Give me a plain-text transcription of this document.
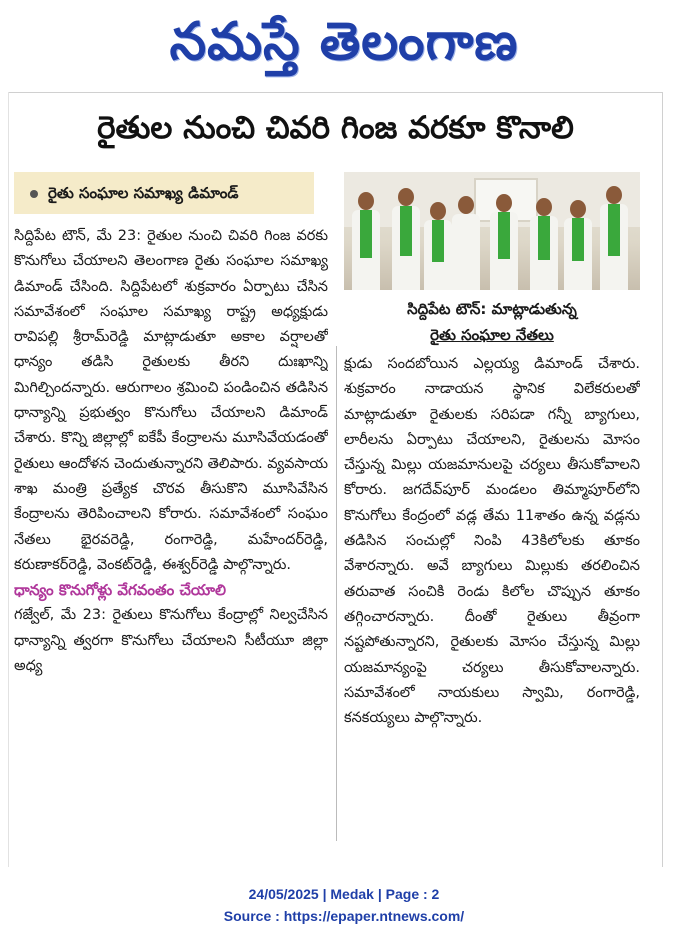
నమస్తే తెలంగాణ
రైతుల నుంచి చివరి గింజ వరకూ కొనాలి
రైతు సంఘాల సమాఖ్య డిమాండ్

సిద్దిపేట టౌన్, మే 23: రైతుల నుంచి చివరి గింజ వరకు కొనుగోలు చేయాలని తెలంగాణ రైతు సంఘాల సమాఖ్య డిమాండ్ చేసింది. సిద్దిపేటలో శుక్రవారం ఏర్పాటు చేసిన సమావేశంలో సంఘాల సమాఖ్య రాష్ట్ర అధ్యక్షుడు రావిపల్లి శ్రీరామ్‌రెడ్డి మాట్లాడుతూ అకాల వర్షాలతో ధాన్యం తడిసి రైతులకు తీరని దుఃఖాన్ని మిగిల్చిందన్నారు. ఆరుగాలం శ్రమించి పండించిన తడిసిన ధాన్యాన్ని ప్రభుత్వం కొనుగోలు చేయాలని డిమాండ్ చేశారు. కొన్ని జిల్లాల్లో ఐకేపీ కేంద్రాలను మూసివేయడంతో రైతులు ఆందోళన చెందుతున్నారని తెలిపారు. వ్యవసాయ శాఖ మంత్రి ప్రత్యేక చొరవ తీసుకొని మూసివేసిన కేంద్రాలను తెరిపించాలని కోరారు. సమావేశంలో సంఘం నేతలు భైరవరెడ్డి, రంగారెడ్డి, మహేందర్‌రెడ్డి, కరుణాకర్‌రెడ్డి, వెంకట్‌రెడ్డి, ఈశ్వర్‌రెడ్డి పాల్గొన్నారు.

ధాన్యం కొనుగోళ్లు వేగవంతం చేయాలి

గజ్వేల్, మే 23: రైతులు కొనుగోలు కేంద్రాల్లో నిల్వచేసిన ధాన్యాన్ని త్వరగా కొనుగోలు చేయాలని సీటీయూ జిల్లా అధ్య

సిద్దిపేట టౌన్: మాట్లాడుతున్న
రైతు సంఘాల నేతలు

క్షుడు సందబోయిన ఎల్లయ్య డిమాండ్ చేశారు. శుక్రవారం నాడాయన స్థానిక విలేకరులతో మాట్లాడుతూ రైతులకు సరిపడా గన్నీ బ్యాగులు, లారీలను ఏర్పాటు చేయాలని, రైతులను మోసం చేస్తున్న మిల్లు యజమానులపై చర్యలు తీసుకోవాలని కోరారు. జగదేవ్‌పూర్ మండలం తిమ్మాపూర్‌లోని కొనుగోలు కేంద్రంలో వడ్ల తేమ 11శాతం ఉన్న వడ్లను తడిసిన సంచుల్లో నింపి 43కిలోలకు తూకం వేశారన్నారు. అవే బ్యాగులు మిల్లుకు తరలించిన తరువాత సంచికి రెండు కిలోల చొప్పున తూకం తగ్గించారన్నారు. దీంతో రైతులు తీవ్రంగా నష్టపోతున్నారని, రైతులకు మోసం చేస్తున్న మిల్లు యజమాన్యంపై చర్యలు తీసుకోవాలన్నారు. సమావేశంలో నాయకులు స్వామి, రంగారెడ్డి, కనకయ్యలు పాల్గొన్నారు.

24/05/2025 | Medak | Page : 2
Source : https://epaper.ntnews.com/
